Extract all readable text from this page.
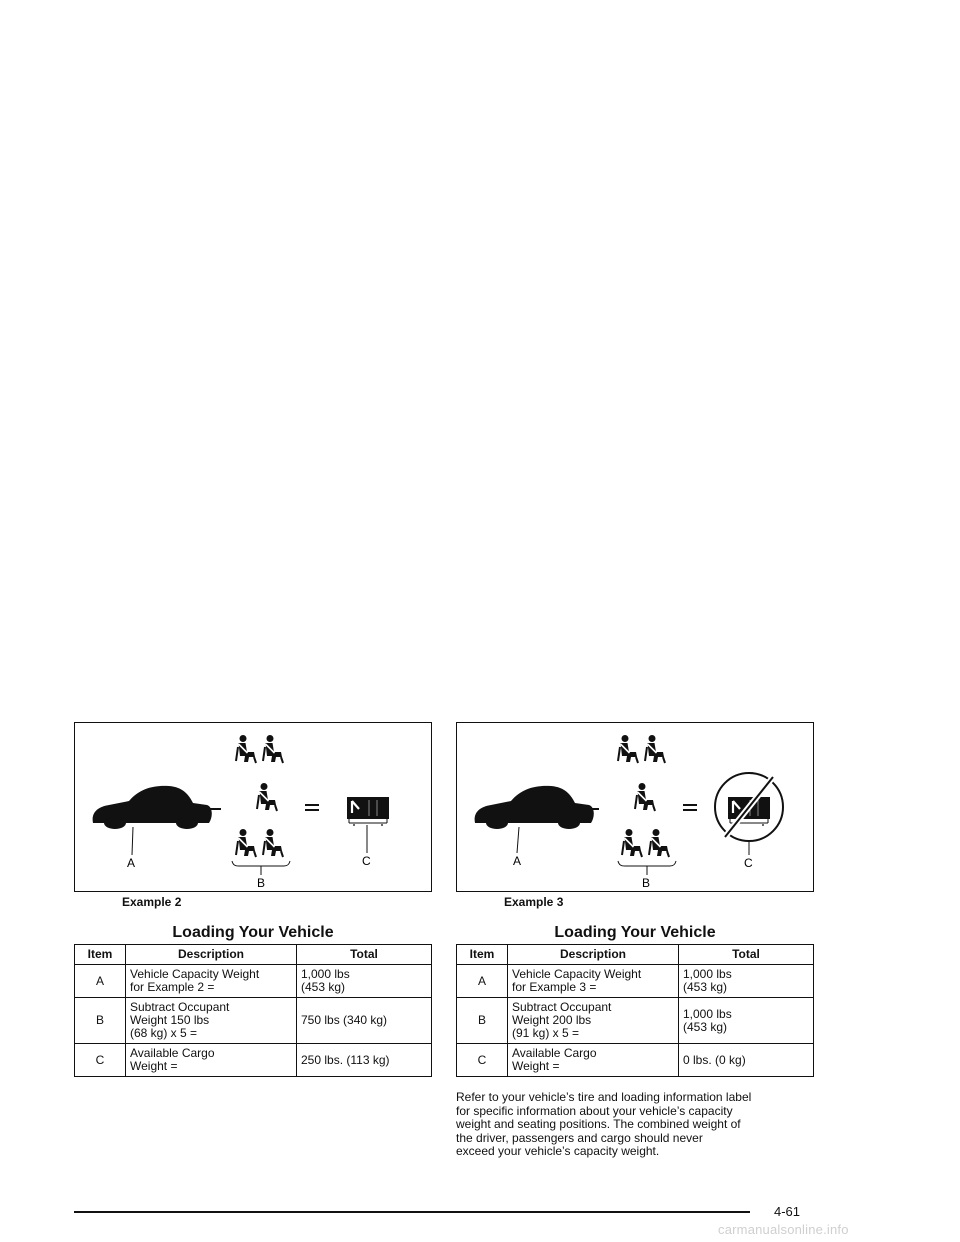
A
B
C
Example 2
Loading Your Vehicle
Item	Description	Total
A	Vehicle Capacity Weight
for Example 2 =	1,000 lbs
(453 kg)
B	Subtract Occupant
Weight 150 lbs
(68 kg) x 5 =	750 lbs (340 kg)
C	Available Cargo
Weight =	250 lbs. (113 kg)
A
B
C
Example 3
Loading Your Vehicle
Item	Description	Total
A	Vehicle Capacity Weight
for Example 3 =	1,000 lbs
(453 kg)
B	Subtract Occupant
Weight 200 lbs
(91 kg) x 5 =	1,000 lbs
(453 kg)
C	Available Cargo
Weight =	0 lbs. (0 kg)
Refer to your vehicle’s tire and loading information label
for specific information about your vehicle’s capacity
weight and seating positions. The combined weight of
the driver, passengers and cargo should never
exceed your vehicle’s capacity weight.
4-61
carmanualsonline.info
